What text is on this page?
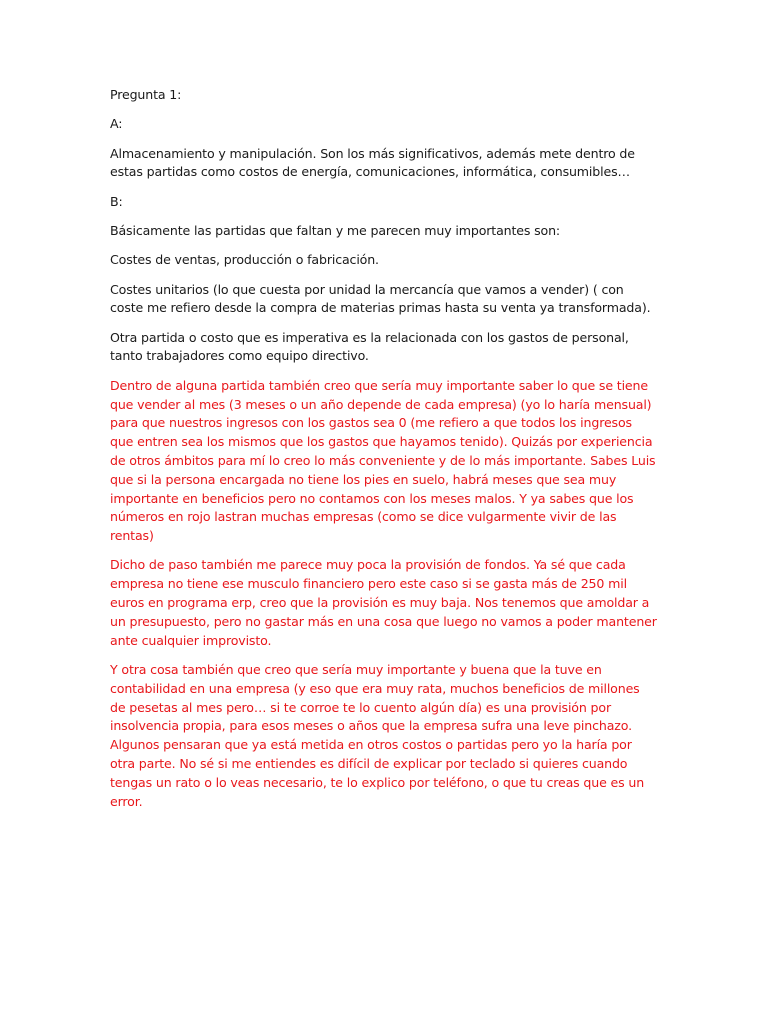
Pregunta 1:

A:

Almacenamiento y manipulación. Son los más significativos, además mete dentro de estas partidas como costos de energía, comunicaciones, informática, consumibles…

B:

Básicamente las partidas que faltan y me parecen muy importantes son:

Costes de ventas, producción o fabricación.

Costes unitarios (lo que cuesta por unidad la mercancía que vamos a vender) ( con coste me refiero desde la compra de materias primas hasta su venta ya transformada).

Otra partida o costo que es imperativa es la relacionada con los gastos de personal, tanto trabajadores como equipo directivo.

Dentro de alguna partida también creo que sería muy importante saber lo que se tiene que vender al mes (3 meses o un año depende de cada empresa) (yo lo haría mensual) para que nuestros ingresos con los gastos sea 0 (me refiero a que todos los ingresos que entren sea los mismos que los gastos que hayamos tenido). Quizás por experiencia de otros ámbitos para mí lo creo lo más conveniente y de lo más importante. Sabes Luis que si la persona encargada no tiene los pies en suelo, habrá meses que sea muy importante en beneficios pero no contamos con los meses malos. Y ya sabes que los números en rojo lastran muchas empresas (como se dice vulgarmente vivir de las rentas)

Dicho de paso también me parece muy poca la provisión de fondos. Ya sé que cada empresa no tiene ese musculo financiero pero este caso si se gasta más de 250 mil euros en programa erp, creo que la provisión es muy baja. Nos tenemos que amoldar a un presupuesto, pero no gastar más en una cosa que luego no vamos a poder mantener ante cualquier improvisto.

Y otra cosa también que creo que sería muy importante y buena que la tuve en contabilidad en una empresa (y eso que era muy rata, muchos beneficios de millones de pesetas al mes pero… si te corroe te lo cuento algún día) es una provisión por insolvencia propia, para esos meses o años que la empresa sufra una leve pinchazo. Algunos pensaran que ya está metida en otros costos o partidas pero yo la haría por otra parte. No sé si me entiendes es difícil de explicar por teclado si quieres cuando tengas un rato o lo veas necesario, te lo explico por teléfono, o que tu creas que es un error.
